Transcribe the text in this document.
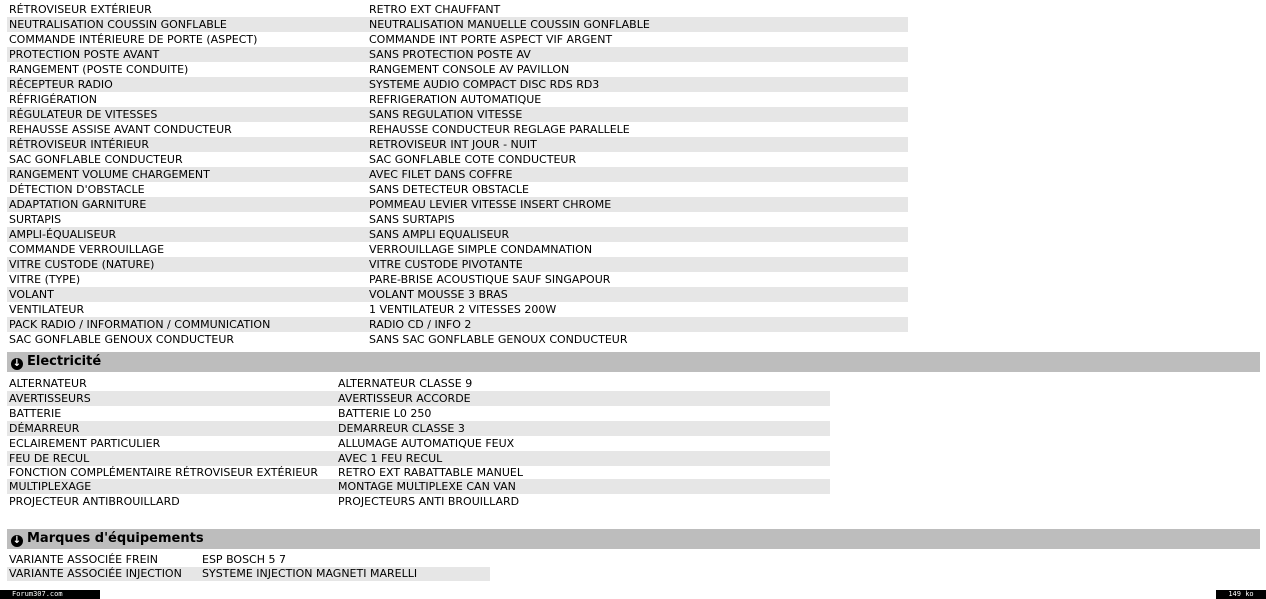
RÉTROVISEUR EXTÉRIEUR	RETRO EXT CHAUFFANT
NEUTRALISATION COUSSIN GONFLABLE	NEUTRALISATION MANUELLE COUSSIN GONFLABLE
COMMANDE INTÉRIEURE DE PORTE (ASPECT)	COMMANDE INT PORTE ASPECT VIF ARGENT
PROTECTION POSTE AVANT	SANS PROTECTION POSTE AV
RANGEMENT (POSTE CONDUITE)	RANGEMENT CONSOLE AV PAVILLON
RÉCEPTEUR RADIO	SYSTEME AUDIO COMPACT DISC RDS RD3
RÉFRIGÉRATION	REFRIGERATION AUTOMATIQUE
RÉGULATEUR DE VITESSES	SANS REGULATION VITESSE
REHAUSSE ASSISE AVANT CONDUCTEUR	REHAUSSE CONDUCTEUR REGLAGE PARALLELE
RÉTROVISEUR INTÉRIEUR	RETROVISEUR INT JOUR - NUIT
SAC GONFLABLE CONDUCTEUR	SAC GONFLABLE COTE CONDUCTEUR
RANGEMENT VOLUME CHARGEMENT	AVEC FILET DANS COFFRE
DÉTECTION D'OBSTACLE	SANS DETECTEUR OBSTACLE
ADAPTATION GARNITURE	POMMEAU LEVIER VITESSE INSERT CHROME
SURTAPIS	SANS SURTAPIS
AMPLI-ÉQUALISEUR	SANS AMPLI EQUALISEUR
COMMANDE VERROUILLAGE	VERROUILLAGE SIMPLE CONDAMNATION
VITRE CUSTODE (NATURE)	VITRE CUSTODE PIVOTANTE
VITRE (TYPE)	PARE-BRISE ACOUSTIQUE SAUF SINGAPOUR
VOLANT	VOLANT MOUSSE 3 BRAS
VENTILATEUR	1 VENTILATEUR 2 VITESSES 200W
PACK RADIO / INFORMATION / COMMUNICATION	RADIO CD / INFO 2
SAC GONFLABLE GENOUX CONDUCTEUR	SANS SAC GONFLABLE GENOUX CONDUCTEUR
↓ Electricité
ALTERNATEUR	ALTERNATEUR CLASSE 9
AVERTISSEURS	AVERTISSEUR ACCORDE
BATTERIE	BATTERIE L0 250
DÉMARREUR	DEMARREUR CLASSE 3
ECLAIREMENT PARTICULIER	ALLUMAGE AUTOMATIQUE FEUX
FEU DE RECUL	AVEC 1 FEU RECUL
FONCTION COMPLÉMENTAIRE RÉTROVISEUR EXTÉRIEUR	RETRO EXT RABATTABLE MANUEL
MULTIPLEXAGE	MONTAGE MULTIPLEXE CAN VAN
PROJECTEUR ANTIBROUILLARD	PROJECTEURS ANTI BROUILLARD
↓ Marques d'équipements
VARIANTE ASSOCIÉE FREIN	ESP BOSCH 5 7
VARIANTE ASSOCIÉE INJECTION	SYSTEME INJECTION MAGNETI MARELLI
Forum307.com	149 ko
